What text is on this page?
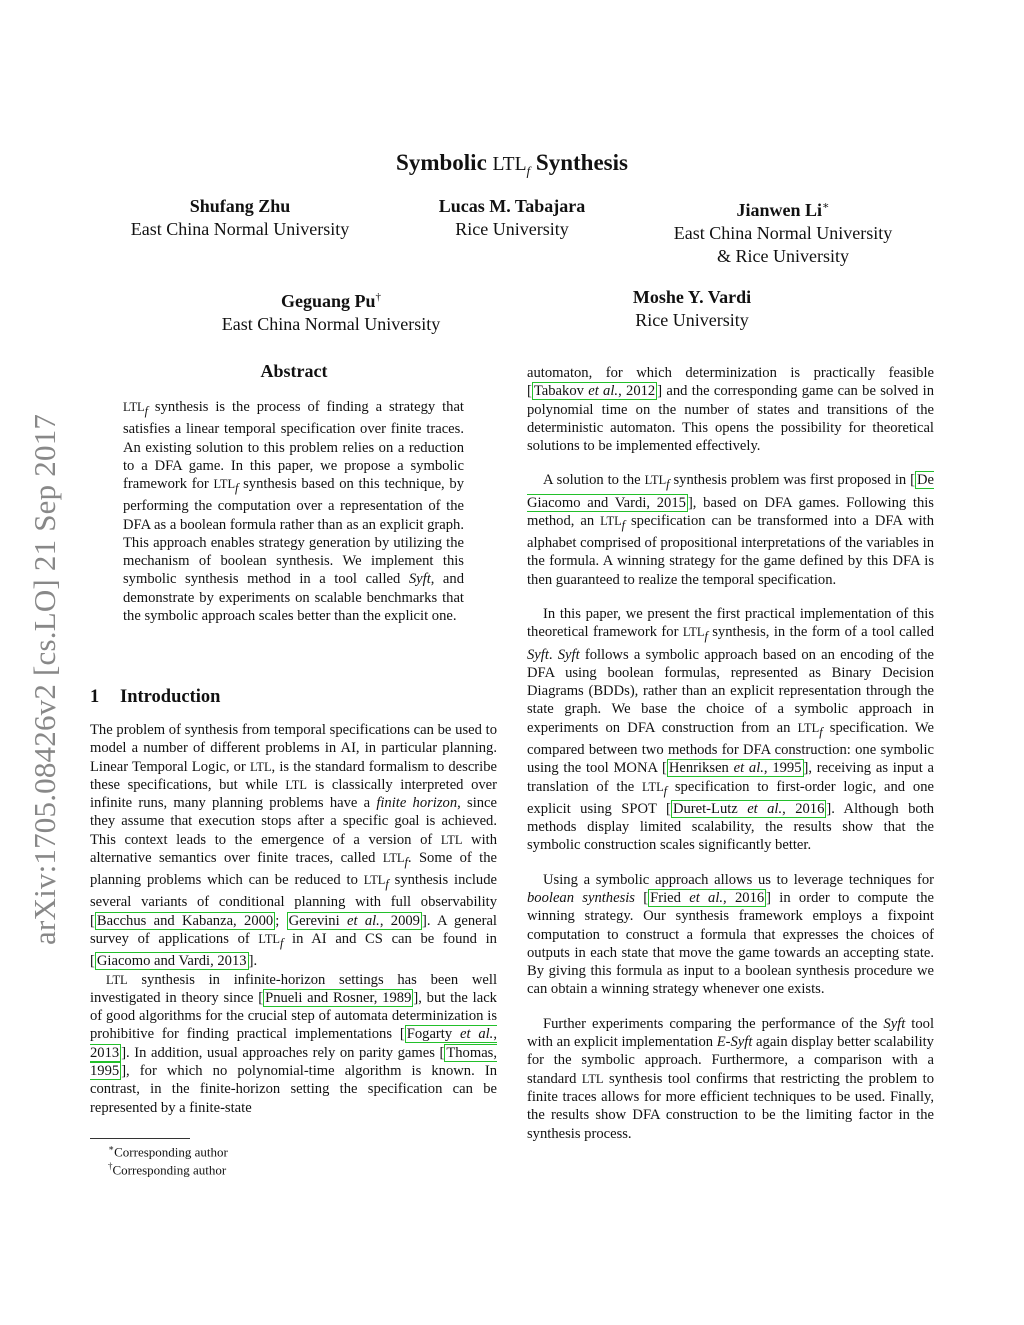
arXiv:1705.08426v2 [cs.LO] 21 Sep 2017
Symbolic $LTL_f$ Synthesis
Shufang Zhu
East China Normal University
Lucas M. Tabajara
Rice University
Jianwen Li∗
East China Normal University
& Rice University
Geguang Pu†
East China Normal University
Moshe Y. Vardi
Rice University
Abstract

$LTL_f$ synthesis is the process of finding a strategy that satisfies a linear temporal specification over finite traces. An existing solution to this problem relies on a reduction to a DFA game. In this paper, we propose a symbolic framework for $LTL_f$ synthesis based on this technique, by performing the computation over a representation of the DFA as a boolean formula rather than as an explicit graph. This approach enables strategy generation by utilizing the mechanism of boolean synthesis. We implement this symbolic synthesis method in a tool called Syft, and demonstrate by experiments on scalable benchmarks that the symbolic approach scales better than the explicit one.

1 Introduction

The problem of synthesis from temporal specifications can be used to model a number of different problems in AI, in particular planning. Linear Temporal Logic, or LTL, is the standard formalism to describe these specifications, but while LTL is classically interpreted over infinite runs, many planning problems have a finite horizon, since they assume that execution stops after a specific goal is achieved. This context leads to the emergence of a version of LTL with alternative semantics over finite traces, called $LTL_f$. Some of the planning problems which can be reduced to $LTL_f$ synthesis include several variants of conditional planning with full observability [ Bacchus and Kabanza, 2000 ; Gerevini et al., 2009 ]. A general survey of applications of $LTL_f$ in AI and CS can be found in [ Giacomo and Vardi, 2013 ].

LTL synthesis in infinite-horizon settings has been well investigated in theory since [ Pnueli and Rosner, 1989 ], but the lack of good algorithms for the crucial step of automata determinization is prohibitive for finding practical implementations [ Fogarty et al., 2013 ]. In addition, usual approaches rely on parity games [ Thomas, 1995 ], for which no polynomial-time algorithm is known. In contrast, in the finite-horizon setting the specification can be represented by a finite-state

automaton, for which determinization is practically feasible [ Tabakov et al., 2012 ] and the corresponding game can be solved in polynomial time on the number of states and transitions of the deterministic automaton. This opens the possibility for theoretical solutions to be implemented effectively.

A solution to the $LTL_f$ synthesis problem was first proposed in [ De Giacomo and Vardi, 2015 ], based on DFA games. Following this method, an $LTL_f$ specification can be transformed into a DFA with alphabet comprised of propositional interpretations of the variables in the formula. A winning strategy for the game defined by this DFA is then guaranteed to realize the temporal specification.

In this paper, we present the first practical implementation of this theoretical framework for $LTL_f$ synthesis, in the form of a tool called Syft. Syft follows a symbolic approach based on an encoding of the DFA using boolean formulas, represented as Binary Decision Diagrams (BDDs), rather than an explicit representation through the state graph. We base the choice of a symbolic approach in experiments on DFA construction from an $LTL_f$ specification. We compared between two methods for DFA construction: one symbolic using the tool MONA [ Henriksen et al., 1995 ], receiving as input a translation of the $LTL_f$ specification to first-order logic, and one explicit using SPOT [ Duret-Lutz et al., 2016 ]. Although both methods display limited scalability, the results show that the symbolic construction scales significantly better.

Using a symbolic approach allows us to leverage techniques for boolean synthesis [ Fried et al., 2016 ] in order to compute the winning strategy. Our synthesis framework employs a fixpoint computation to construct a formula that expresses the choices of outputs in each state that move the game towards an accepting state. By giving this formula as input to a boolean synthesis procedure we can obtain a winning strategy whenever one exists.

Further experiments comparing the performance of the Syft tool with an explicit implementation E-Syft again display better scalability for the symbolic approach. Furthermore, a comparison with a standard LTL synthesis tool confirms that restricting the problem to finite traces allows for more efficient techniques to be used. Finally, the results show DFA construction to be the limiting factor in the synthesis process.

∗Corresponding author
†Corresponding author
